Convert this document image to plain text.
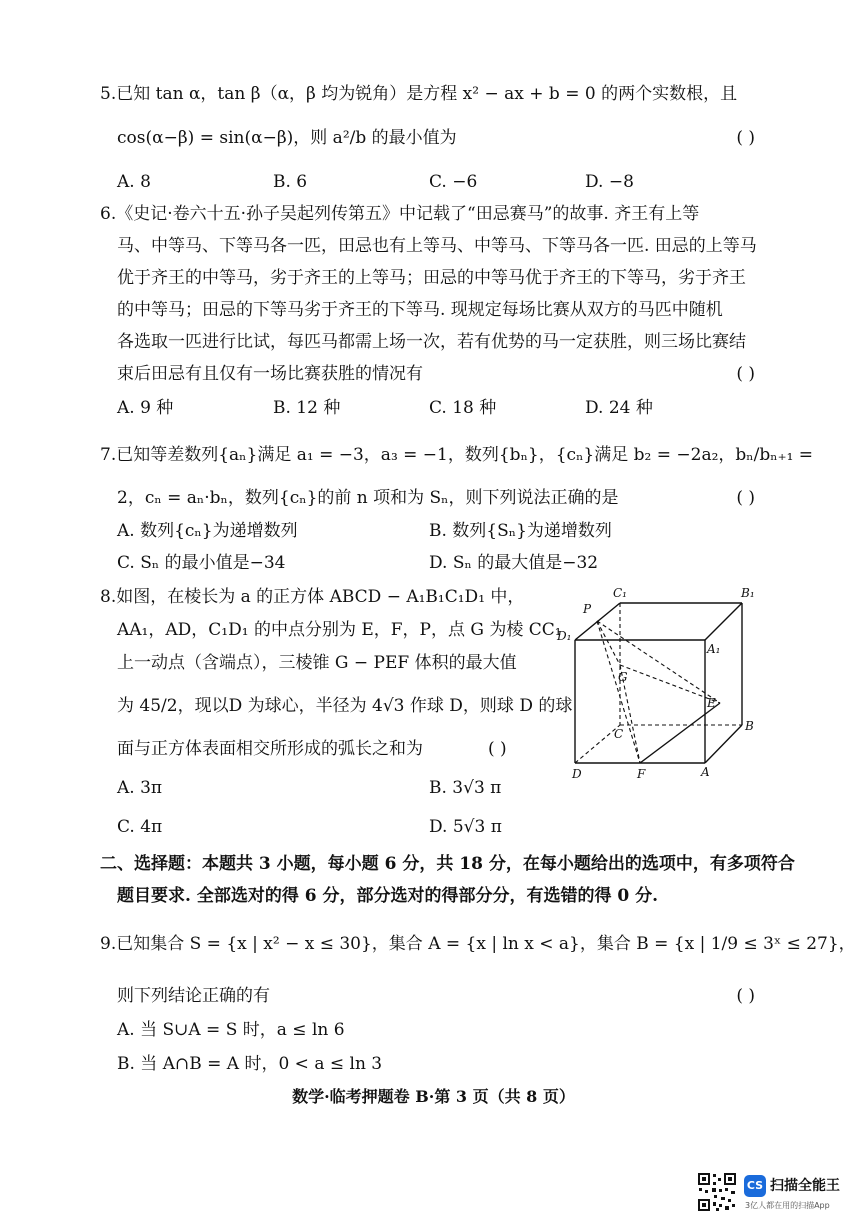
5.已知 tan α，tan β（α，β 均为锐角）是方程 x² − ax + b = 0 的两个实数根，且
cos(α−β) = sin(α−β)，则 a²/b 的最小值为	( )
A. 8	B. 6	C. −6	D. −8
6.《史记·卷六十五·孙子吴起列传第五》中记载了“田忌赛马”的故事. 齐王有上等
马、中等马、下等马各一匹，田忌也有上等马、中等马、下等马各一匹. 田忌的上等马
优于齐王的中等马，劣于齐王的上等马；田忌的中等马优于齐王的下等马，劣于齐王
的中等马；田忌的下等马劣于齐王的下等马. 现规定每场比赛从双方的马匹中随机
各选取一匹进行比试，每匹马都需上场一次，若有优势的马一定获胜，则三场比赛结
束后田忌有且仅有一场比赛获胜的情况有	( )
A. 9 种	B. 12 种	C. 18 种	D. 24 种
7.已知等差数列{aₙ}满足 a₁ = −3，a₃ = −1，数列{bₙ}，{cₙ}满足 b₂ = −2a₂，bₙ/bₙ₊₁ =
2，cₙ = aₙ·bₙ，数列{cₙ}的前 n 项和为 Sₙ，则下列说法正确的是	( )
A. 数列{cₙ}为递增数列	B. 数列{Sₙ}为递增数列
C. Sₙ 的最小值是−34	D. Sₙ 的最大值是−32
8.如图，在棱长为 a 的正方体 ABCD − A₁B₁C₁D₁ 中，
AA₁，AD，C₁D₁ 的中点分别为 E，F，P，点 G 为棱 CC₁
上一动点（含端点），三棱锥 G − PEF 体积的最大值
为 45/2，现以D 为球心，半径为 4√3 作球 D，则球 D 的球
面与正方体表面相交所形成的弧长之和为	( )
A. 3π	B. 3√3 π
C. 4π	D. 5√3 π
C₁	B₁
P
D₁
A₁
G
E
C
B
D	F	A
二、选择题：本题共 3 小题，每小题 6 分，共 18 分，在每小题给出的选项中，有多项符合
题目要求. 全部选对的得 6 分，部分选对的得部分分，有选错的得 0 分.
9.已知集合 S = {x | x² − x ≤ 30}，集合 A = {x | ln x < a}，集合 B = {x | 1/9 ≤ 3ˣ ≤ 27}，
则下列结论正确的有	( )
A. 当 S∪A = S 时，a ≤ ln 6
B. 当 A∩B = A 时，0 < a ≤ ln 3
数学·临考押题卷 B·第 3 页（共 8 页）
CS 扫描全能王
3亿人都在用的扫描App
